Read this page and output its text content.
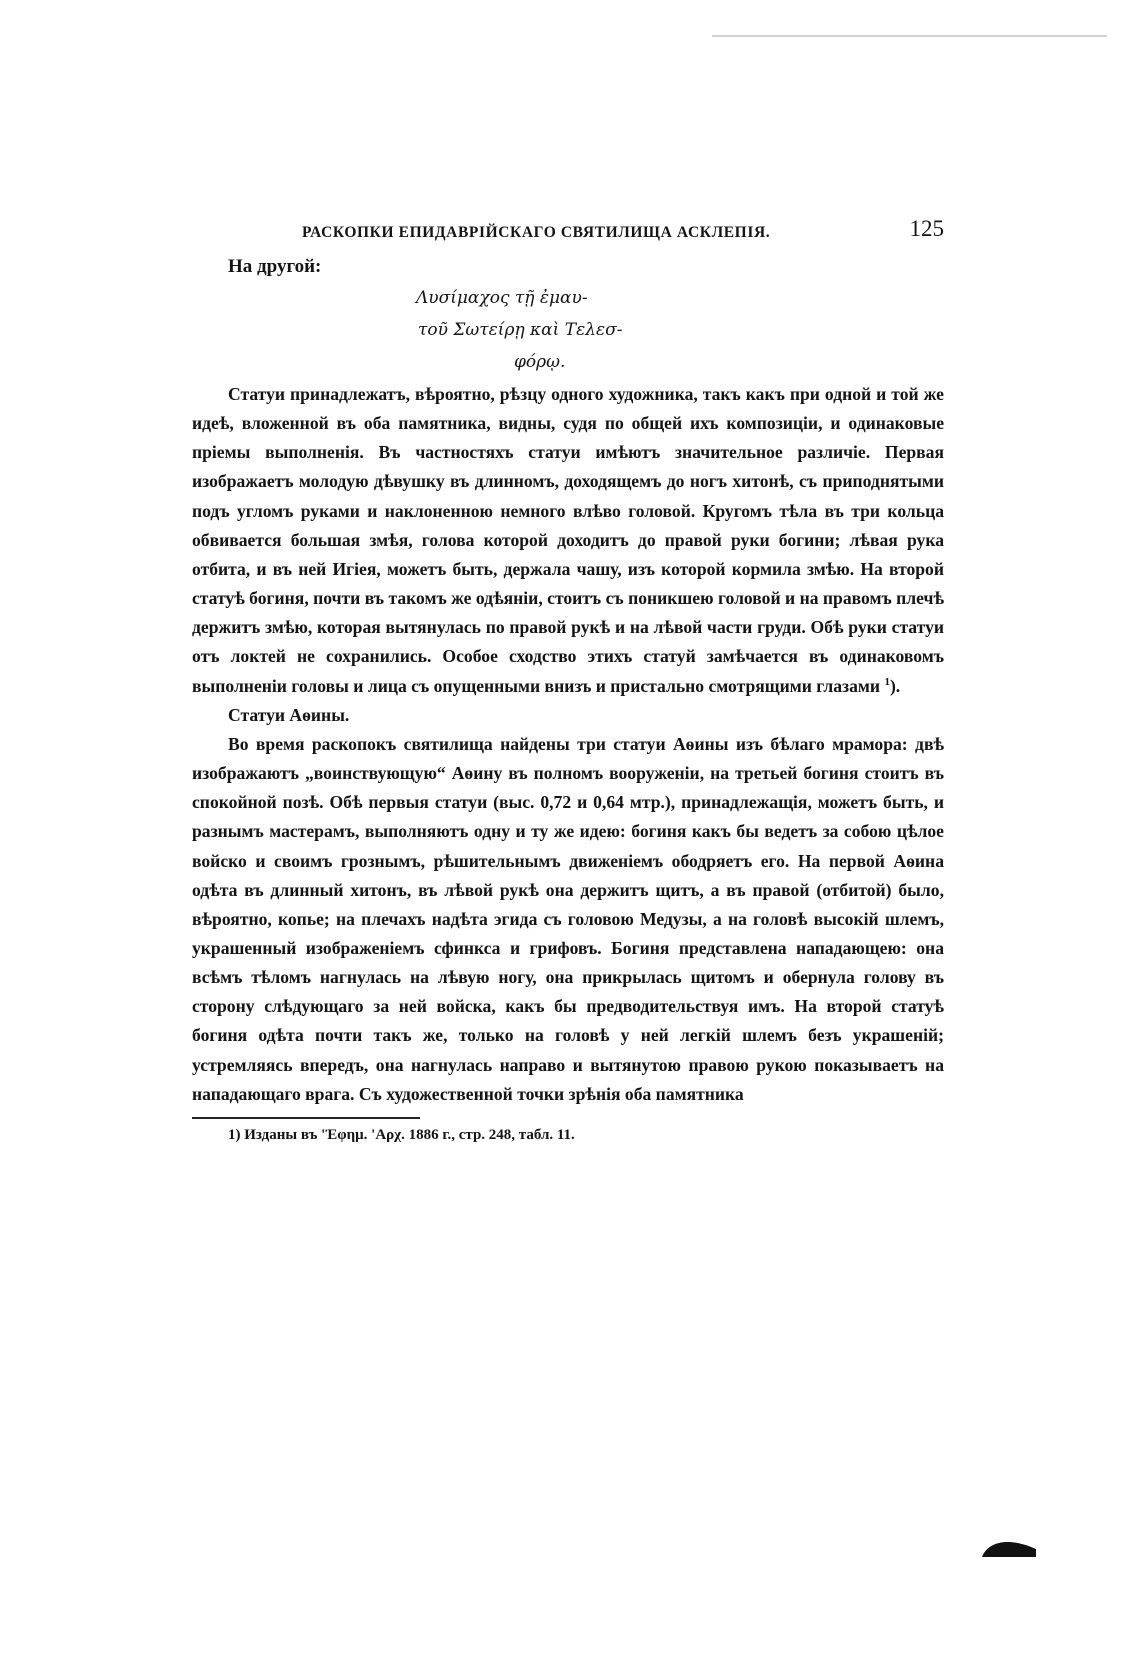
РАСКОПКИ ЕПИДАВРІЙСКАГО СВЯТИЛИЩА АСКЛЕПІЯ.	125
На другой:
Λυσίμαχος τῇ ἐμαυ-
τοῦ Σωτείρῃ καὶ Τελεσ-
φόρῳ.

Статуи принадлежатъ, вѣроятно, рѣзцу одного художника, такъ какъ при одной и той же идеѣ, вложенной въ оба памятника, видны, судя по общей ихъ композиціи, и одинаковые пріемы выполненія. Въ частностяхъ статуи имѣютъ значительное различіе. Первая изображаетъ молодую дѣвушку въ длинномъ, доходящемъ до ногъ хитонѣ, съ приподнятыми подъ угломъ руками и наклоненною немного влѣво головой. Кругомъ тѣла въ три кольца обвивается большая змѣя, голова которой доходитъ до правой руки богини; лѣвая рука отбита, и въ ней Игіея, можетъ быть, держала чашу, изъ которой кормила змѣю. На второй статуѣ богиня, почти въ такомъ же одѣяніи, стоитъ съ поникшею головой и на правомъ плечѣ держитъ змѣю, которая вытянулась по правой рукѣ и на лѣвой части груди. Обѣ руки статуи отъ локтей не сохранились. Особое сходство этихъ статуй замѣчается въ одинаковомъ выполненіи головы и лица съ опущенными внизъ и пристально смотрящими глазами $^1$).

Статуи Аѳины.

Во время раскопокъ святилища найдены три статуи Аѳины изъ бѣлаго мрамора: двѣ изображаютъ „воинствующую“ Аѳину въ полномъ вооруженіи, на третьей богиня стоитъ въ спокойной позѣ. Обѣ первыя статуи (выс. 0,72 и 0,64 мтр.), принадлежащія, можетъ быть, и разнымъ мастерамъ, выполняютъ одну и ту же идею: богиня какъ бы ведетъ за собою цѣлое войско и своимъ грознымъ, рѣшительнымъ движеніемъ ободряетъ его. На первой Аѳина одѣта въ длинный хитонъ, въ лѣвой рукѣ она держитъ щитъ, а въ правой (отбитой) было, вѣроятно, копье; на плечахъ надѣта эгида съ головою Медузы, а на головѣ высокій шлемъ, украшенный изображеніемъ сфинкса и грифовъ. Богиня представлена нападающею: она всѣмъ тѣломъ нагнулась на лѣвую ногу, она прикрылась щитомъ и обернула голову въ сторону слѣдующаго за ней войска, какъ бы предводительствуя имъ. На второй статуѣ богиня одѣта почти такъ же, только на головѣ у ней легкій шлемъ безъ украшеній; устремляясь впередъ, она нагнулась направо и вытянутою правою рукою показываетъ на нападающаго врага. Съ художественной точки зрѣнія оба памятника

1) Изданы въ 'Ἐφημ. 'Αρχ. 1886 г., стр. 248, табл. 11.
